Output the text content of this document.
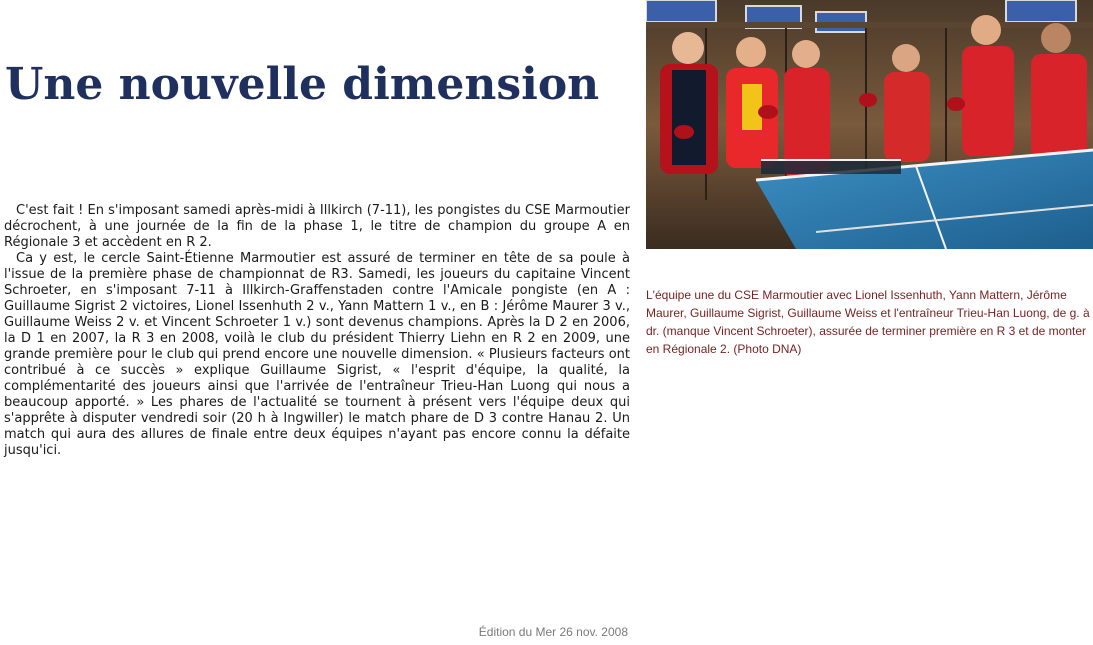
Une nouvelle dimension

C'est fait ! En s'imposant samedi après-midi à Illkirch (7-11), les pongistes du CSE Marmoutier décrochent, à une journée de la fin de la phase 1, le titre de champion du groupe A en Régionale 3 et accèdent en R 2.

Ca y est, le cercle Saint-Étienne Marmoutier est assuré de terminer en tête de sa poule à l'issue de la première phase de championnat de R3. Samedi, les joueurs du capitaine Vincent Schroeter, en s'imposant 7-11 à Illkirch-Graffenstaden contre l'Amicale pongiste (en A : Guillaume Sigrist 2 victoires, Lionel Issenhuth 2 v., Yann Mattern 1 v., en B : Jérôme Maurer 3 v., Guillaume Weiss 2 v. et Vincent Schroeter 1 v.) sont devenus champions. Après la D 2 en 2006, la D 1 en 2007, la R 3 en 2008, voilà le club du président Thierry Liehn en R 2 en 2009, une grande première pour le club qui prend encore une nouvelle dimension. « Plusieurs facteurs ont contribué à ce succès » explique Guillaume Sigrist, « l'esprit d'équipe, la qualité, la complémentarité des joueurs ainsi que l'arrivée de l'entraîneur Trieu-Han Luong qui nous a beaucoup apporté. » Les phares de l'actualité se tournent à présent vers l'équipe deux qui s'apprête à disputer vendredi soir (20 h à Ingwiller) le match phare de D 3 contre Hanau 2. Un match qui aura des allures de finale entre deux équipes n'ayant pas encore connu la défaite jusqu'ici.

Édition du Mer 26 nov. 2008
L'équipe une du CSE Marmoutier avec Lionel Issenhuth, Yann Mattern, Jérôme Maurer, Guillaume Sigrist, Guillaume Weiss et l'entraîneur Trieu-Han Luong, de g. à dr. (manque Vincent Schroeter), assurée de terminer première en R 3 et de monter en Régionale 2. (Photo DNA)
